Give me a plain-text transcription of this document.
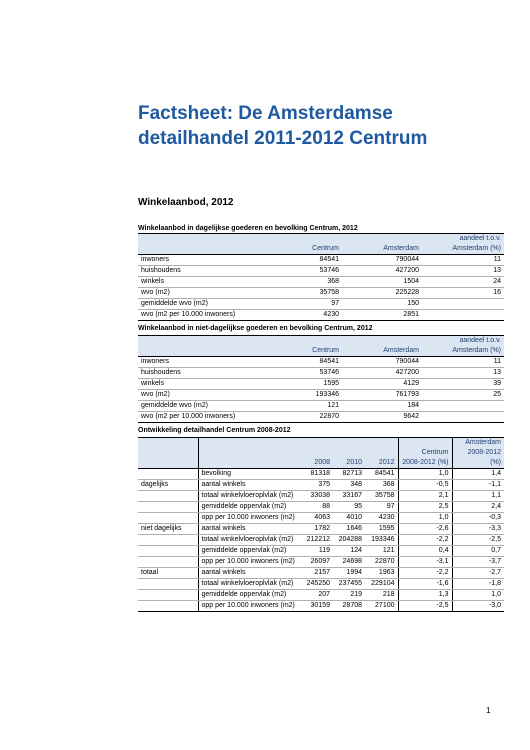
Factsheet: De Amsterdamse
detailhandel 2011-2012 Centrum
Winkelaanbod, 2012
Winkelaanbod in dagelijkse goederen en bevolking Centrum, 2012
			aandeel t.o.v.
	Centrum	Amsterdam	Amsterdam (%)
inwoners	84541	790044	11
huishoudens	53746	427200	13
winkels	368	1504	24
wvo (m2)	35758	225228	16
gemiddelde wvo (m2)	97	150	
wvo (m2 per 10.000 inwoners)	4230	2851	
Winkelaanbod in niet-dagelijkse goederen en bevolking Centrum, 2012
			aandeel t.o.v.
	Centrum	Amsterdam	Amsterdam (%)
inwoners	84541	790044	11
huishoudens	53746	427200	13
winkels	1595	4129	39
wvo (m2)	193346	761793	25
gemiddelde wvo (m2)	121	184	
wvo (m2 per 10.000 inwoners)	22870	9642	
Ontwikkeling detailhandel Centrum 2008-2012
						Amsterdam
					Centrum	2008-2012
		2008	2010	2012	2008-2012 (%)	(%)
	bevolking	81318	82713	84541	1,0	1,4
dagelijks	aantal winkels	375	348	368	-0,5	-1,1
	totaal winkelvloeroplvlak (m2)	33038	33167	35758	2,1	1,1
	gemiddelde oppervlak (m2)	88	95	97	2,5	2,4
	opp per 10.000 inwoners (m2)	4063	4010	4230	1,0	-0,3
niet dagelijks	aantal winkels	1782	1646	1595	-2,6	-3,3
	totaal winkelvloeroplvlak (m2)	212212	204288	193346	-2,2	-2,5
	gemiddelde oppervlak (m2)	119	124	121	0,4	0,7
	opp per 10.000 inwoners (m2)	26097	24698	22870	-3,1	-3,7
totaal	aantal winkels	2157	1994	1963	-2,2	-2,7
	totaal winkelvloeroplvlak (m2)	245250	237455	229104	-1,6	-1,8
	gemiddelde oppervlak (m2)	207	219	218	1,3	1,0
	opp per 10.000 inwoners (m2)	30159	28708	27100	-2,5	-3,0
1
